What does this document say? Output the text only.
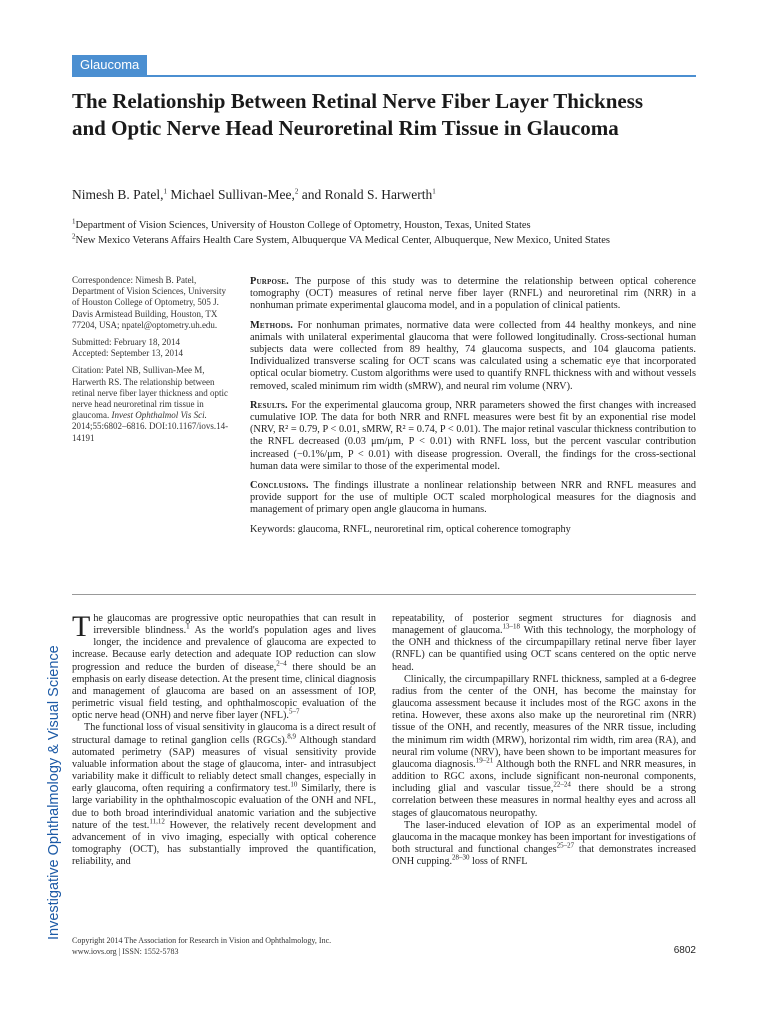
Glaucoma
The Relationship Between Retinal Nerve Fiber Layer Thickness and Optic Nerve Head Neuroretinal Rim Tissue in Glaucoma
Nimesh B. Patel,$^1$ Michael Sullivan-Mee,$^2$ and Ronald S. Harwerth$^1$
$^1$Department of Vision Sciences, University of Houston College of Optometry, Houston, Texas, United States
$^2$New Mexico Veterans Affairs Health Care System, Albuquerque VA Medical Center, Albuquerque, New Mexico, United States

Correspondence: Nimesh B. Patel, Department of Vision Sciences, University of Houston College of Optometry, 505 J. Davis Armistead Building, Houston, TX 77204, USA; npatel@optometry.uh.edu.

Submitted: February 18, 2014
Accepted: September 13, 2014

Citation: Patel NB, Sullivan-Mee M, Harwerth RS. The relationship between retinal nerve fiber layer thickness and optic nerve head neuroretinal rim tissue in glaucoma. Invest Ophthalmol Vis Sci. 2014;55:6802–6816. DOI:10.1167/iovs.14-14191

Purpose. The purpose of this study was to determine the relationship between optical coherence tomography (OCT) measures of retinal nerve fiber layer (RNFL) and neuroretinal rim (NRR) in a nonhuman primate experimental glaucoma model, and in a population of clinical patients.

Methods. For nonhuman primates, normative data were collected from 44 healthy monkeys, and nine animals with unilateral experimental glaucoma that were followed longitudinally. Cross-sectional human subjects data were collected from 89 healthy, 74 glaucoma suspects, and 104 glaucoma patients. Individualized transverse scaling for OCT scans was calculated using a schematic eye that incorporated optical ocular biometry. Custom algorithms were used to quantify RNFL thickness with and without vessels removed, scaled minimum rim width (sMRW), and neural rim volume (NRV).

Results. For the experimental glaucoma group, NRR parameters showed the first changes with increased cumulative IOP. The data for both NRR and RNFL measures were best fit by an exponential rise model (NRV, R² = 0.79, P < 0.01, sMRW, R² = 0.74, P < 0.01). The major retinal vascular thickness contribution to the RNFL decreased (0.03 μm/μm, P < 0.01) with RNFL loss, but the percent vascular contribution increased (−0.1%/μm, P < 0.01) with disease progression. Overall, the findings for the cross-sectional human data were similar to those of the experimental model.

Conclusions. The findings illustrate a nonlinear relationship between NRR and RNFL measures and provide support for the use of multiple OCT scaled morphological measures for the diagnosis and management of primary open angle glaucoma in humans.

Keywords: glaucoma, RNFL, neuroretinal rim, optical coherence tomography

Investigative Ophthalmology & Visual Science

The glaucomas are progressive optic neuropathies that can result in irreversible blindness.$^1$ As the world's population ages and lives longer, the incidence and prevalence of glaucoma are expected to increase. Because early detection and adequate IOP reduction can slow progression and reduce the burden of disease,$^{2-4}$ there should be an emphasis on early disease detection. At the present time, clinical diagnosis and management of glaucoma are based on an assessment of IOP, perimetric visual field testing, and ophthalmoscopic evaluation of the optic nerve head (ONH) and nerve fiber layer (NFL).$^{5-7}$

The functional loss of visual sensitivity in glaucoma is a direct result of structural damage to retinal ganglion cells (RGCs).$^{8,9}$ Although standard automated perimetry (SAP) measures of visual sensitivity provide valuable information about the stage of glaucoma, inter- and intrasubject variability make it difficult to reliably detect small changes, especially in early glaucoma, often requiring a confirmatory test.$^{10}$ Similarly, there is large variability in the ophthalmoscopic evaluation of the ONH and NFL, due to both broad interindividual anatomic variation and the subjective nature of the test.$^{11,12}$ However, the relatively recent development and advancement of in vivo imaging, especially with optical coherence tomography (OCT), has substantially improved the quantification, reliability, and

repeatability, of posterior segment structures for diagnosis and management of glaucoma.$^{13-18}$ With this technology, the morphology of the ONH and thickness of the circumpapillary retinal nerve fiber layer (RNFL) can be quantified using OCT scans centered on the optic nerve head.

Clinically, the circumpapillary RNFL thickness, sampled at a 6-degree radius from the center of the ONH, has become the mainstay for glaucoma assessment because it includes most of the RGC axons in the retina. However, these axons also make up the neuroretinal rim (NRR) tissue of the ONH, and recently, measures of the NRR tissue, including the minimum rim width (MRW), horizontal rim width, rim area (RA), and neural rim volume (NRV), have been shown to be important measures for glaucoma diagnosis.$^{19-21}$ Although both the RNFL and NRR measures, in addition to RGC axons, include significant non-neuronal components, including glial and vascular tissue,$^{22-24}$ there should be a strong correlation between these measures in normal healthy eyes and across all stages of glaucomatous neuropathy.

The laser-induced elevation of IOP as an experimental model of glaucoma in the macaque monkey has been important for investigations of both structural and functional changes$^{25-27}$ that demonstrates increased ONH cupping.$^{28-30}$ loss of RNFL

Copyright 2014 The Association for Research in Vision and Ophthalmology, Inc.
www.iovs.org | ISSN: 1552-5783	6802
